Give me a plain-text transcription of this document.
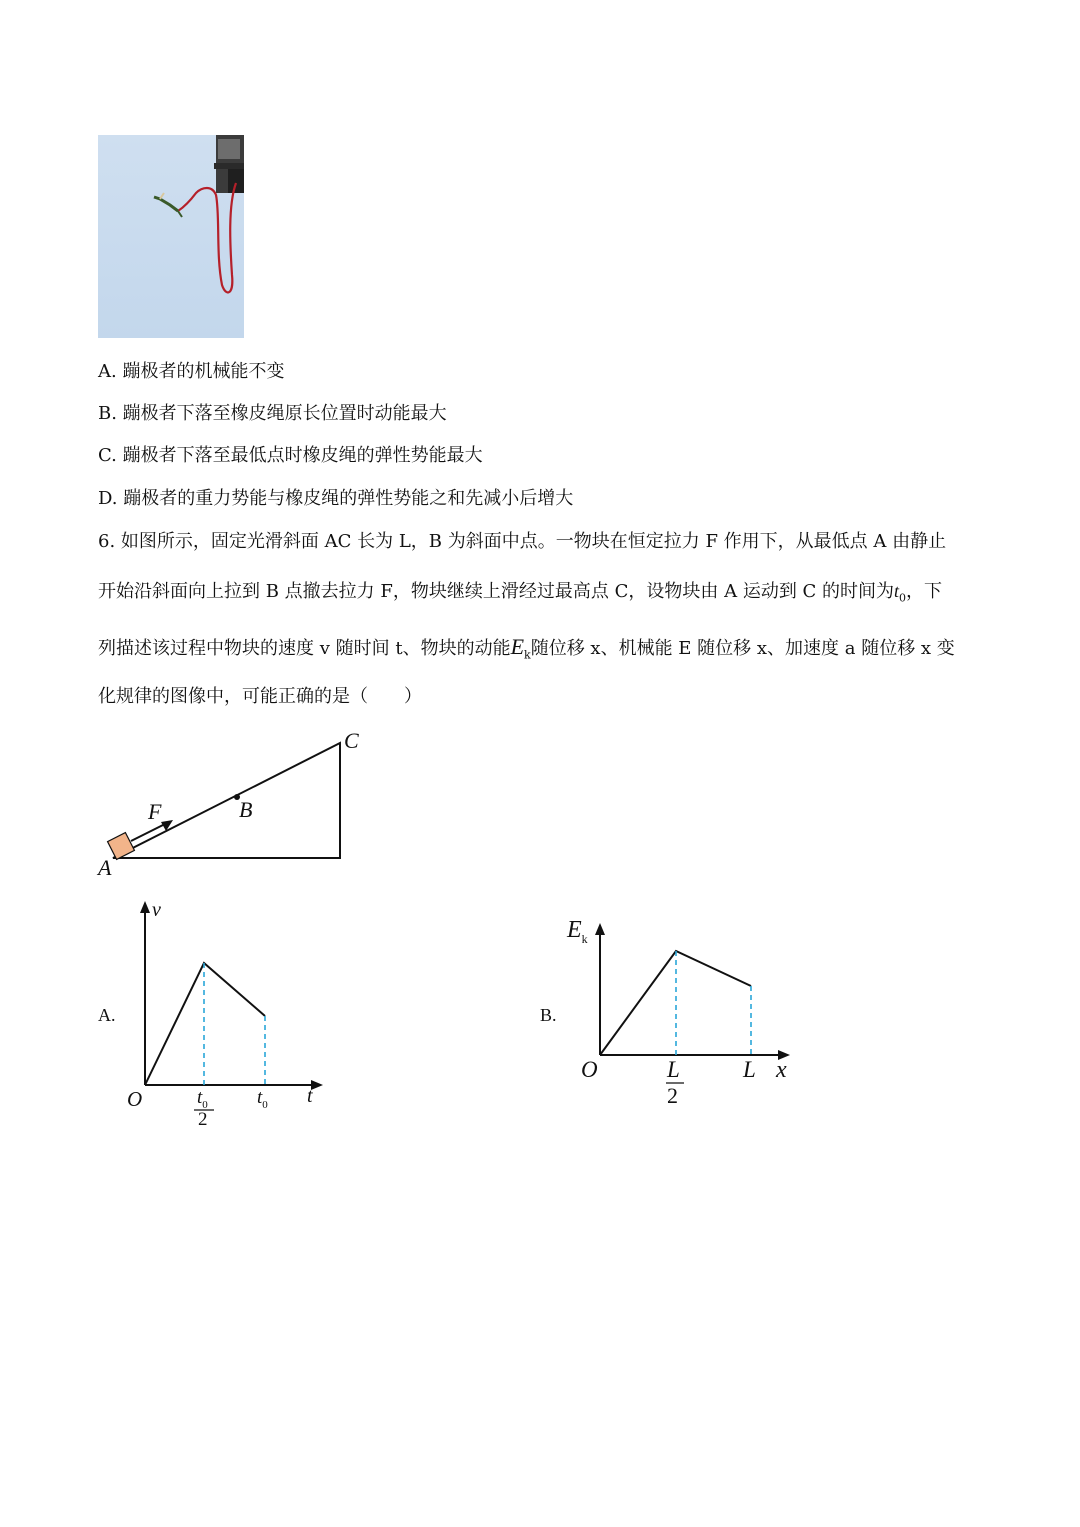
A. 蹦极者的机械能不变
B. 蹦极者下落至橡皮绳原长位置时动能最大
C. 蹦极者下落至最低点时橡皮绳的弹性势能最大
D. 蹦极者的重力势能与橡皮绳的弹性势能之和先减小后增大
6. 如图所示，固定光滑斜面 AC 长为 L，B 为斜面中点。一物块在恒定拉力 F 作用下，从最低点 A 由静止
开始沿斜面向上拉到 B 点撤去拉力 F，物块继续上滑经过最高点 C，设物块由 A 运动到 C 的时间为$t_0$，下
列描述该过程中物块的速度 v 随时间 t、物块的动能$E_k$随位移 x、机械能 E 随位移 x、加速度 a 随位移 x 变
化规律的图像中，可能正确的是（　　）
A
B
C
F
A.
v
t
O	$t_0$
2
$t_0$
B.
$E_k$
x
O	L
2
L
